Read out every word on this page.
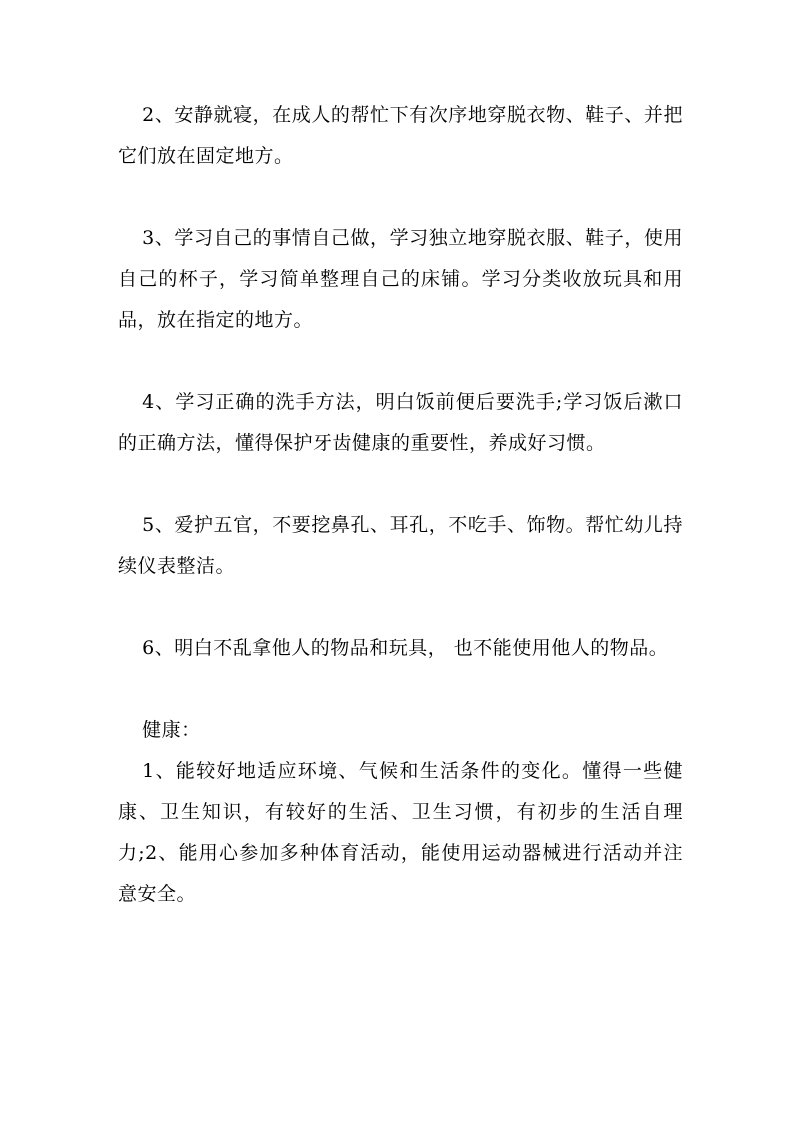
2、安静就寝，在成人的帮忙下有次序地穿脱衣物、鞋子、并把它们放在固定地方。

3、学习自己的事情自己做，学习独立地穿脱衣服、鞋子，使用自己的杯子，学习简单整理自己的床铺。学习分类收放玩具和用品，放在指定的地方。

4、学习正确的洗手方法，明白饭前便后要洗手;学习饭后漱口的正确方法，懂得保护牙齿健康的重要性，养成好习惯。

5、爱护五官，不要挖鼻孔、耳孔，不吃手、饰物。帮忙幼儿持续仪表整洁。

6、明白不乱拿他人的物品和玩具， 也不能使用他人的物品。

健康：

1、能较好地适应环境、气候和生活条件的变化。懂得一些健康、卫生知识，有较好的生活、卫生习惯，有初步的生活自理力;2、能用心参加多种体育活动，能使用运动器械进行活动并注意安全。
